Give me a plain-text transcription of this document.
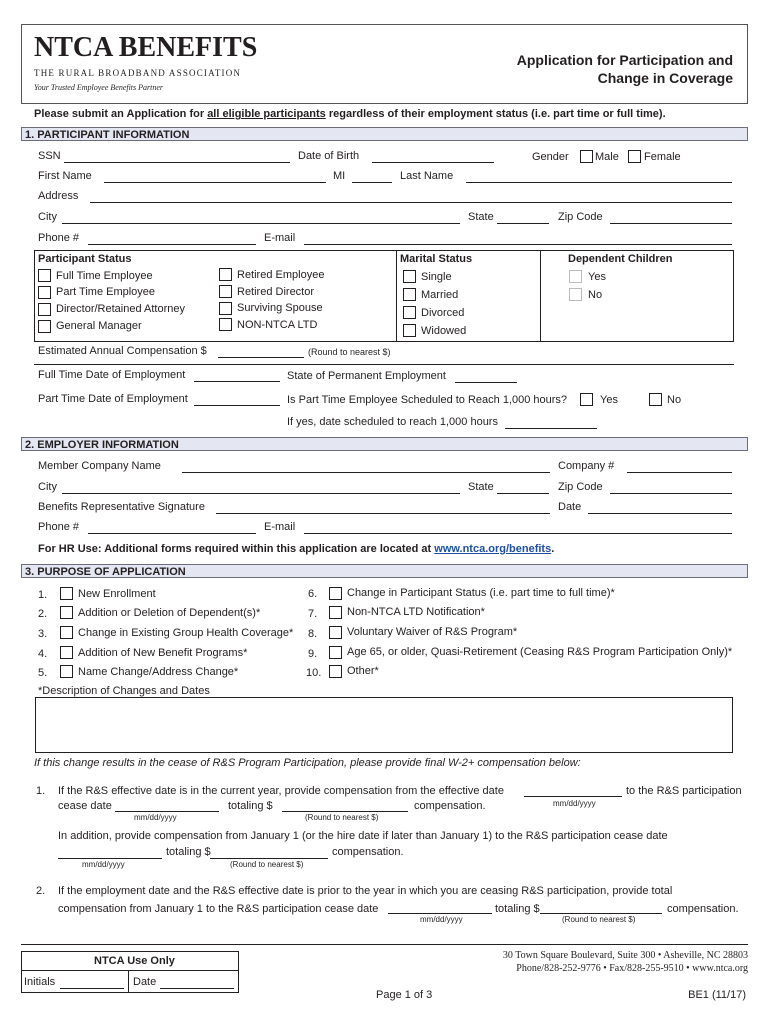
NTCA BENEFITS
THE RURAL BROADBAND ASSOCIATION
Your Trusted Employee Benefits Partner
Application for Participation and
Change in Coverage
Please submit an Application for all eligible participants regardless of their employment status (i.e. part time or full time).
1. PARTICIPANT INFORMATION
SSN	Date of Birth	Gender Male Female
First Name	MI	Last Name
Address
City	State	Zip Code
Phone #	E-mail
Participant Status
Full Time Employee
Part Time Employee
Director/Retained Attorney
General Manager
Retired Employee
Retired Director
Surviving Spouse
NON-NTCA LTD
Marital Status
Single
Married
Divorced
Widowed
Dependent Children
Yes
No
Estimated Annual Compensation $	(Round to nearest $)
Full Time Date of Employment	State of Permanent Employment
Part Time Date of Employment	Is Part Time Employee Scheduled to Reach 1,000 hours?	Yes	No
If yes, date scheduled to reach 1,000 hours
2. EMPLOYER INFORMATION
Member Company Name	Company #
City	State	Zip Code
Benefits Representative Signature	Date
Phone #	E-mail
For HR Use: Additional forms required within this application are located at www.ntca.org/benefits.
3. PURPOSE OF APPLICATION
1.	New Enrollment
2.	Addition or Deletion of Dependent(s)*
3.	Change in Existing Group Health Coverage*
4.	Addition of New Benefit Programs*
5.	Name Change/Address Change*
6.	Change in Participant Status (i.e. part time to full time)*
7.	Non-NTCA LTD Notification*
8.	Voluntary Waiver of R&S Program*
9.	Age 65, or older, Quasi-Retirement (Ceasing R&S Program Participation Only)*
10. Other*
*Description of Changes and Dates
If this change results in the cease of R&S Program Participation, please provide final W-2+ compensation below:
1. If the R&S effective date is in the current year, provide compensation from the effective date	to the R&S participation
mm/dd/yyyy
cease date
mm/dd/yyyy
totaling $
(Round to nearest $)
compensation.
In addition, provide compensation from January 1 (or the hire date if later than January 1) to the R&S participation cease date
mm/dd/yyyy
totaling $
(Round to nearest $)
compensation.
2. If the employment date and the R&S effective date is prior to the year in which you are ceasing R&S participation, provide total
compensation from January 1 to the R&S participation cease date
mm/dd/yyyy
totaling $
(Round to nearest $)
compensation.
NTCA Use Only
Initials	Date
30 Town Square Boulevard, Suite 300 • Asheville, NC 28803
Phone/828-252-9776 • Fax/828-255-9510 • www.ntca.org
Page 1 of 3	BE1 (11/17)
